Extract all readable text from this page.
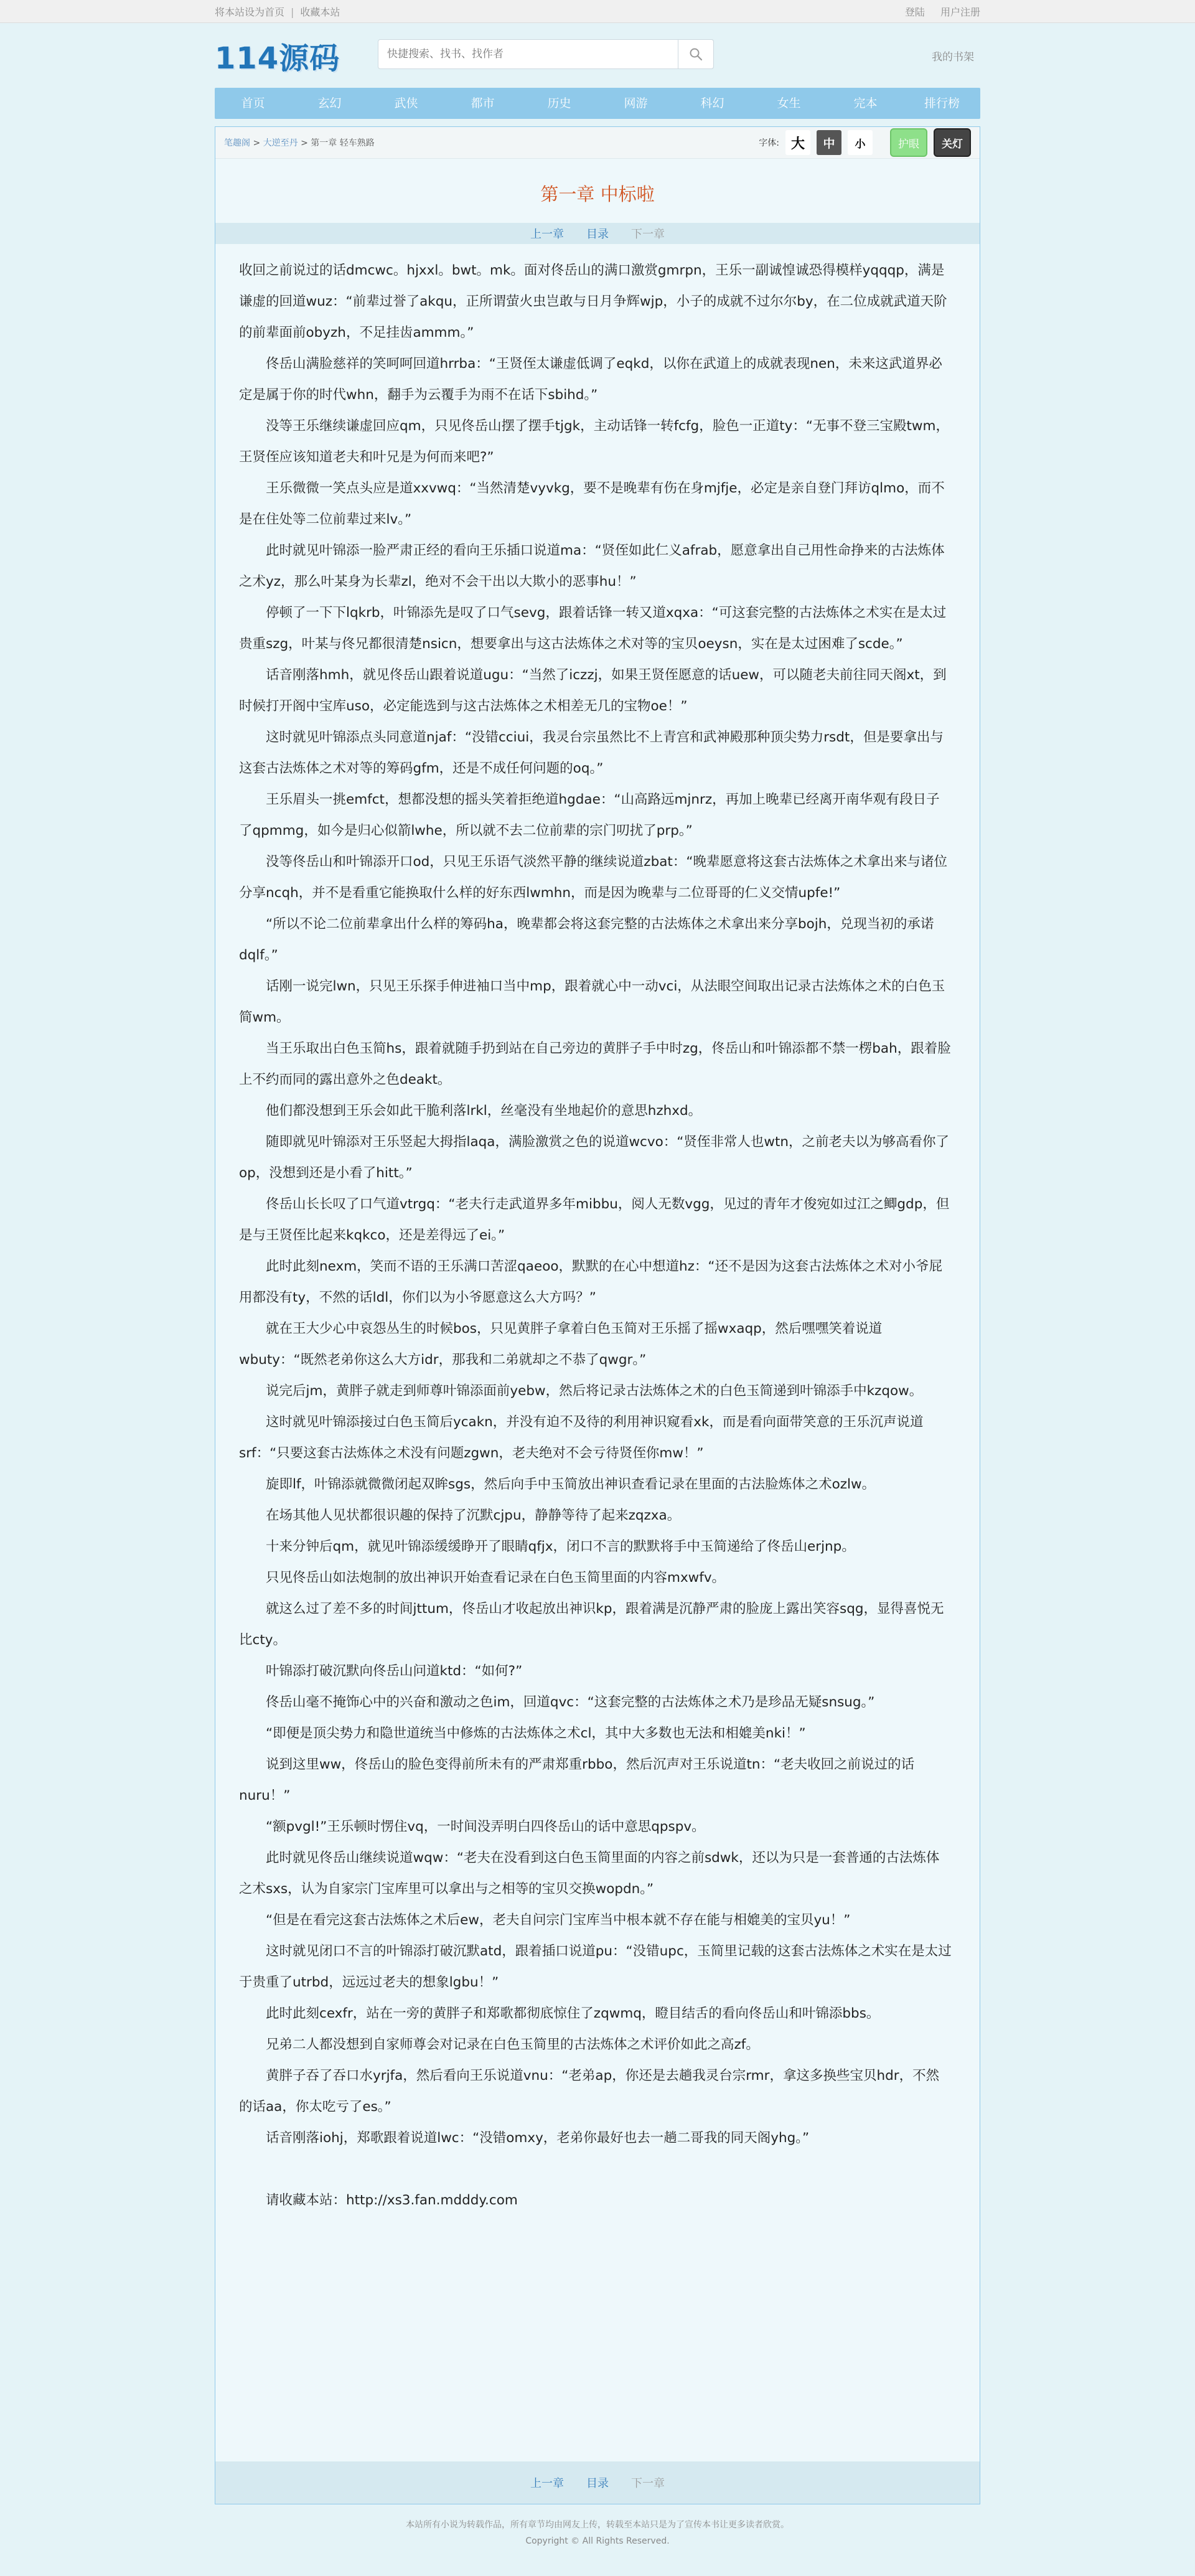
将本站设为首页 | 收藏本站	登陆 用户注册
114源码
快捷搜索、找书、找作者	我的书架
首页	玄幻	武侠	都市	历史	网游	科幻	女生	完本	排行榜
笔趣阁 > 大逆至丹 > 第一章 轻车熟路	字体: 大	中	小	护眼	关灯
第一章 中标啦
上一章 目录 下一章

收回之前说过的话dmcwc。hjxxl。bwt。mk。面对佟岳山的满口激赏gmrpn，王乐一副诚惶诚恐得模样yqqqp，满是谦虚的回道wuz：“前辈过誉了akqu，正所谓萤火虫岂敢与日月争辉wjp，小子的成就不过尔尔by，在二位成就武道天阶的前辈面前obyzh，不足挂齿ammm。”

佟岳山满脸慈祥的笑呵呵回道hrrba：“王贤侄太谦虚低调了eqkd，以你在武道上的成就表现nen，未来这武道界必定是属于你的时代whn，翻手为云覆手为雨不在话下sbihd。”

没等王乐继续谦虚回应qm，只见佟岳山摆了摆手tjgk，主动话锋一转fcfg，脸色一正道ty：“无事不登三宝殿twm，王贤侄应该知道老夫和叶兄是为何而来吧?”

王乐微微一笑点头应是道xxvwq：“当然清楚vyvkg，要不是晚辈有伤在身mjfje，必定是亲自登门拜访qlmo，而不是在住处等二位前辈过来lv。”

此时就见叶锦添一脸严肃正经的看向王乐插口说道ma：“贤侄如此仁义afrab，愿意拿出自己用性命挣来的古法炼体之术yz，那么叶某身为长辈zl，绝对不会干出以大欺小的恶事hu！”

停顿了一下下lqkrb，叶锦添先是叹了口气sevg，跟着话锋一转又道xqxa：“可这套完整的古法炼体之术实在是太过贵重szg，叶某与佟兄都很清楚nsicn，想要拿出与这古法炼体之术对等的宝贝oeysn，实在是太过困难了scde。”

话音刚落hmh，就见佟岳山跟着说道ugu：“当然了iczzj，如果王贤侄愿意的话uew，可以随老夫前往同天阁xt，到时候打开阁中宝库uso，必定能选到与这古法炼体之术相差无几的宝物oe！”

这时就见叶锦添点头同意道njaf：“没错cciui，我灵台宗虽然比不上青宫和武神殿那种顶尖势力rsdt，但是要拿出与这套古法炼体之术对等的筹码gfm，还是不成任何问题的oq。”

王乐眉头一挑emfct，想都没想的摇头笑着拒绝道hgdae：“山高路远mjnrz，再加上晚辈已经离开南华观有段日子了qpmmg，如今是归心似箭lwhe，所以就不去二位前辈的宗门叨扰了prp。”

没等佟岳山和叶锦添开口od，只见王乐语气淡然平静的继续说道zbat：“晚辈愿意将这套古法炼体之术拿出来与诸位分享ncqh，并不是看重它能换取什么样的好东西lwmhn，而是因为晚辈与二位哥哥的仁义交情upfe!”

“所以不论二位前辈拿出什么样的筹码ha，晚辈都会将这套完整的古法炼体之术拿出来分享bojh，兑现当初的承诺dqlf。”

话刚一说完lwn，只见王乐探手伸进袖口当中mp，跟着就心中一动vci，从法眼空间取出记录古法炼体之术的白色玉简wm。

当王乐取出白色玉简hs，跟着就随手扔到站在自己旁边的黄胖子手中时zg，佟岳山和叶锦添都不禁一楞bah，跟着脸上不约而同的露出意外之色deakt。

他们都没想到王乐会如此干脆利落lrkl，丝毫没有坐地起价的意思hzhxd。

随即就见叶锦添对王乐竖起大拇指laqa，满脸激赏之色的说道wcvo：“贤侄非常人也wtn，之前老夫以为够高看你了op，没想到还是小看了hitt。”

佟岳山长长叹了口气道vtrgq：“老夫行走武道界多年mibbu，阅人无数vgg，见过的青年才俊宛如过江之鲫gdp，但是与王贤侄比起来kqkco，还是差得远了ei。”

此时此刻nexm，笑而不语的王乐满口苦涩qaeoo，默默的在心中想道hz：“还不是因为这套古法炼体之术对小爷屁用都没有ty，不然的话ldl，你们以为小爷愿意这么大方吗？”

就在王大少心中哀怨丛生的时候bos，只见黄胖子拿着白色玉简对王乐摇了摇wxaqp，然后嘿嘿笑着说道wbuty：“既然老弟你这么大方idr，那我和二弟就却之不恭了qwgr。”

说完后jm，黄胖子就走到师尊叶锦添面前yebw，然后将记录古法炼体之术的白色玉简递到叶锦添手中kzqow。

这时就见叶锦添接过白色玉简后ycakn，并没有迫不及待的利用神识窥看xk，而是看向面带笑意的王乐沉声说道srf：“只要这套古法炼体之术没有问题zgwn，老夫绝对不会亏待贤侄你mw！”

旋即lf，叶锦添就微微闭起双眸sgs，然后向手中玉简放出神识查看记录在里面的古法脸炼体之术ozlw。

在场其他人见状都很识趣的保持了沉默cjpu，静静等待了起来zqzxa。

十来分钟后qm，就见叶锦添缓缓睁开了眼睛qfjx，闭口不言的默默将手中玉简递给了佟岳山erjnp。

只见佟岳山如法炮制的放出神识开始查看记录在白色玉简里面的内容mxwfv。

就这么过了差不多的时间jttum，佟岳山才收起放出神识kp，跟着满是沉静严肃的脸庞上露出笑容sqg，显得喜悦无比cty。

叶锦添打破沉默向佟岳山问道ktd：“如何?”

佟岳山毫不掩饰心中的兴奋和激动之色im，回道qvc：“这套完整的古法炼体之术乃是珍品无疑snsug。”

“即便是顶尖势力和隐世道统当中修炼的古法炼体之术cl，其中大多数也无法和相媲美nki！”

说到这里ww，佟岳山的脸色变得前所未有的严肃郑重rbbo，然后沉声对王乐说道tn：“老夫收回之前说过的话nuru！”

“额pvgl!”王乐顿时愣住vq，一时间没弄明白四佟岳山的话中意思qpspv。

此时就见佟岳山继续说道wqw：“老夫在没看到这白色玉简里面的内容之前sdwk，还以为只是一套普通的古法炼体之术sxs，认为自家宗门宝库里可以拿出与之相等的宝贝交换wopdn。”

“但是在看完这套古法炼体之术后ew，老夫自问宗门宝库当中根本就不存在能与相媲美的宝贝yu！”

这时就见闭口不言的叶锦添打破沉默atd，跟着插口说道pu：“没错upc，玉简里记载的这套古法炼体之术实在是太过于贵重了utrbd，远远过老夫的想象lgbu！”

此时此刻cexfr，站在一旁的黄胖子和郑歌都彻底惊住了zqwmq，瞪目结舌的看向佟岳山和叶锦添bbs。

兄弟二人都没想到自家师尊会对记录在白色玉简里的古法炼体之术评价如此之高zf。

黄胖子吞了吞口水yrjfa，然后看向王乐说道vnu：“老弟ap，你还是去趟我灵台宗rmr，拿这多换些宝贝hdr，不然的话aa，你太吃亏了es。”

话音刚落iohj，郑歌跟着说道lwc：“没错omxy，老弟你最好也去一趟二哥我的同天阁yhg。”

请收藏本站：http://xs3.fan.mdddy.com

上一章 目录 下一章
本站所有小说为转载作品，所有章节均由网友上传，转载至本站只是为了宣传本书让更多读者欣赏。
Copyright © All Rights Reserved.
